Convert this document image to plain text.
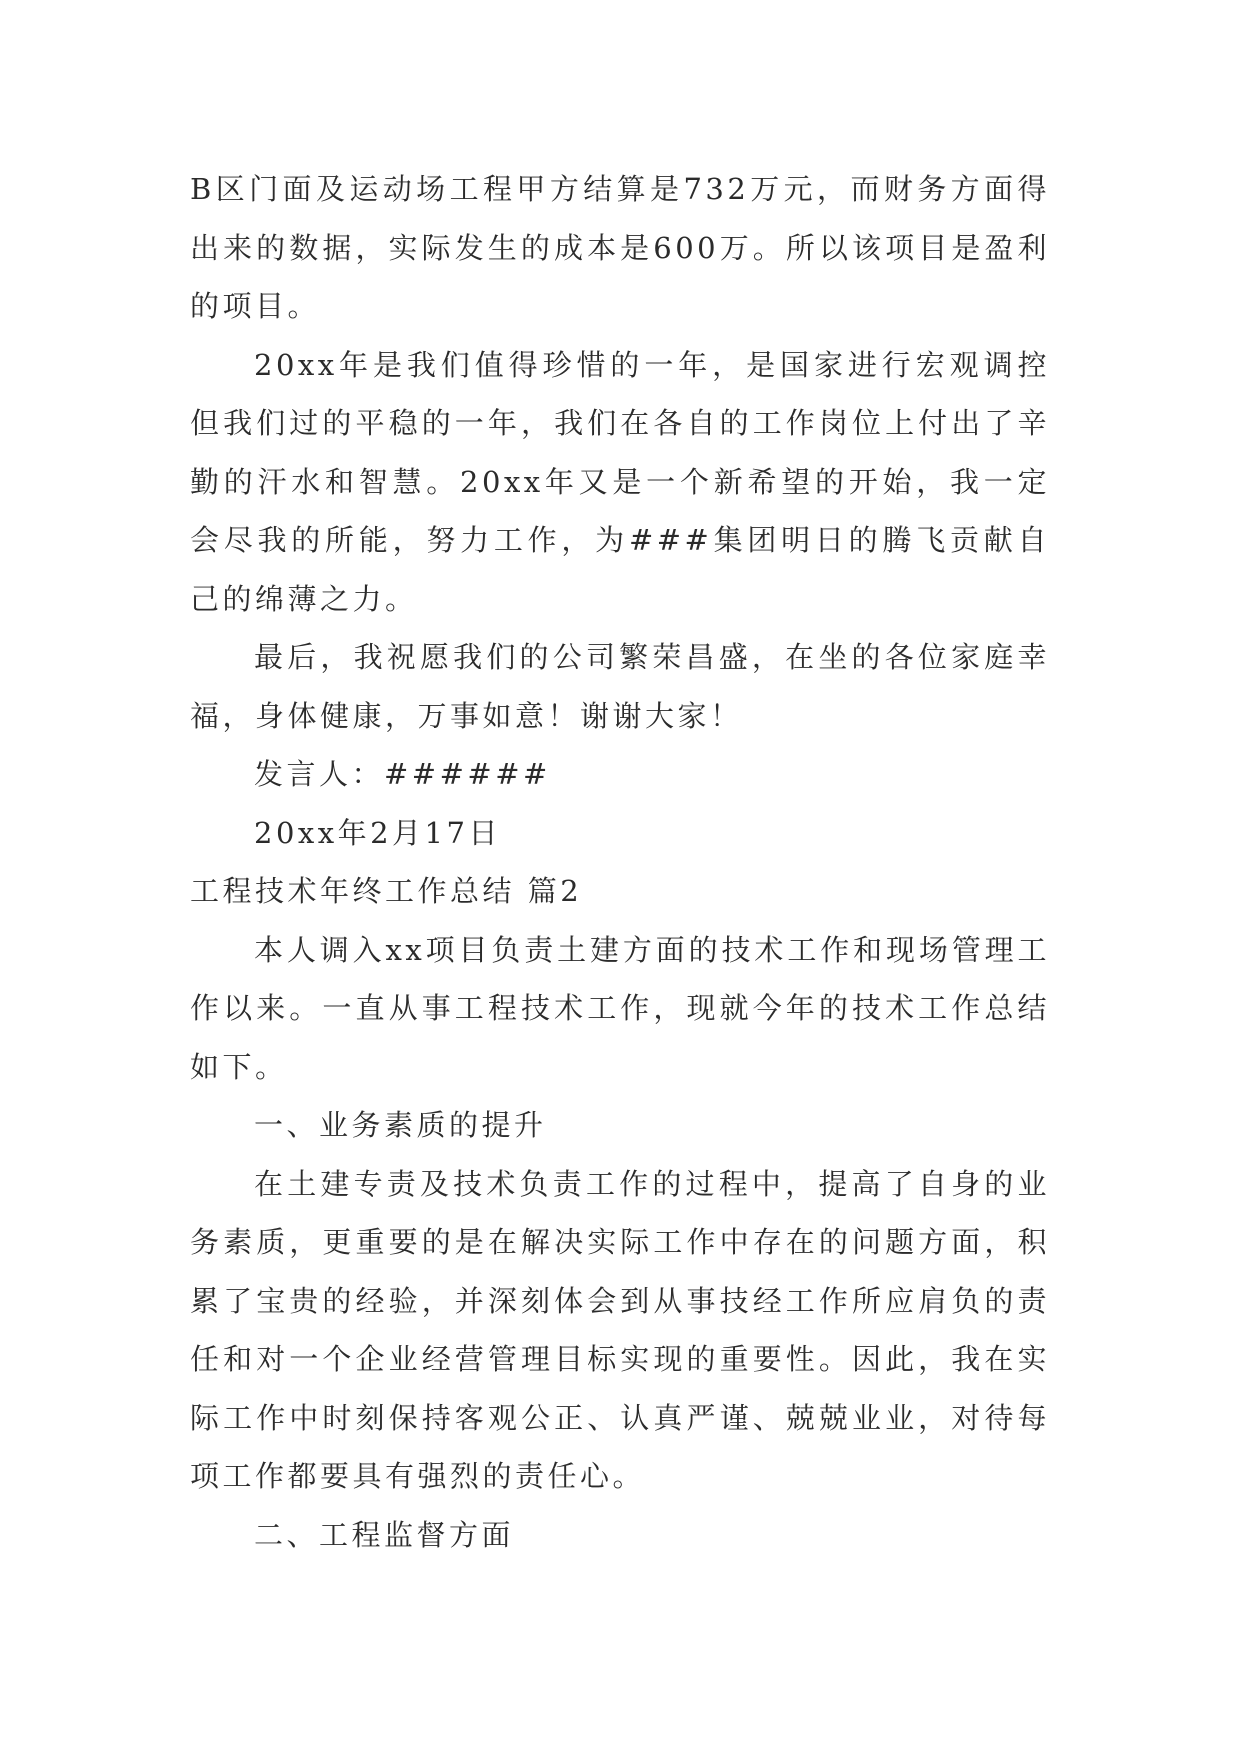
B区门面及运动场工程甲方结算是732万元，而财务方面得出来的数据，实际发生的成本是600万。所以该项目是盈利的项目。

20xx年是我们值得珍惜的一年，是国家进行宏观调控但我们过的平稳的一年，我们在各自的工作岗位上付出了辛勤的汗水和智慧。20xx年又是一个新希望的开始，我一定会尽我的所能，努力工作，为###集团明日的腾飞贡献自己的绵薄之力。

最后，我祝愿我们的公司繁荣昌盛，在坐的各位家庭幸福，身体健康，万事如意！谢谢大家！

发言人：######

20xx年2月17日

工程技术年终工作总结 篇2

本人调入xx项目负责土建方面的技术工作和现场管理工作以来。一直从事工程技术工作，现就今年的技术工作总结如下。

一、业务素质的提升

在土建专责及技术负责工作的过程中，提高了自身的业务素质，更重要的是在解决实际工作中存在的问题方面，积累了宝贵的经验，并深刻体会到从事技经工作所应肩负的责任和对一个企业经营管理目标实现的重要性。因此，我在实际工作中时刻保持客观公正、认真严谨、兢兢业业，对待每项工作都要具有强烈的责任心。

二、工程监督方面
